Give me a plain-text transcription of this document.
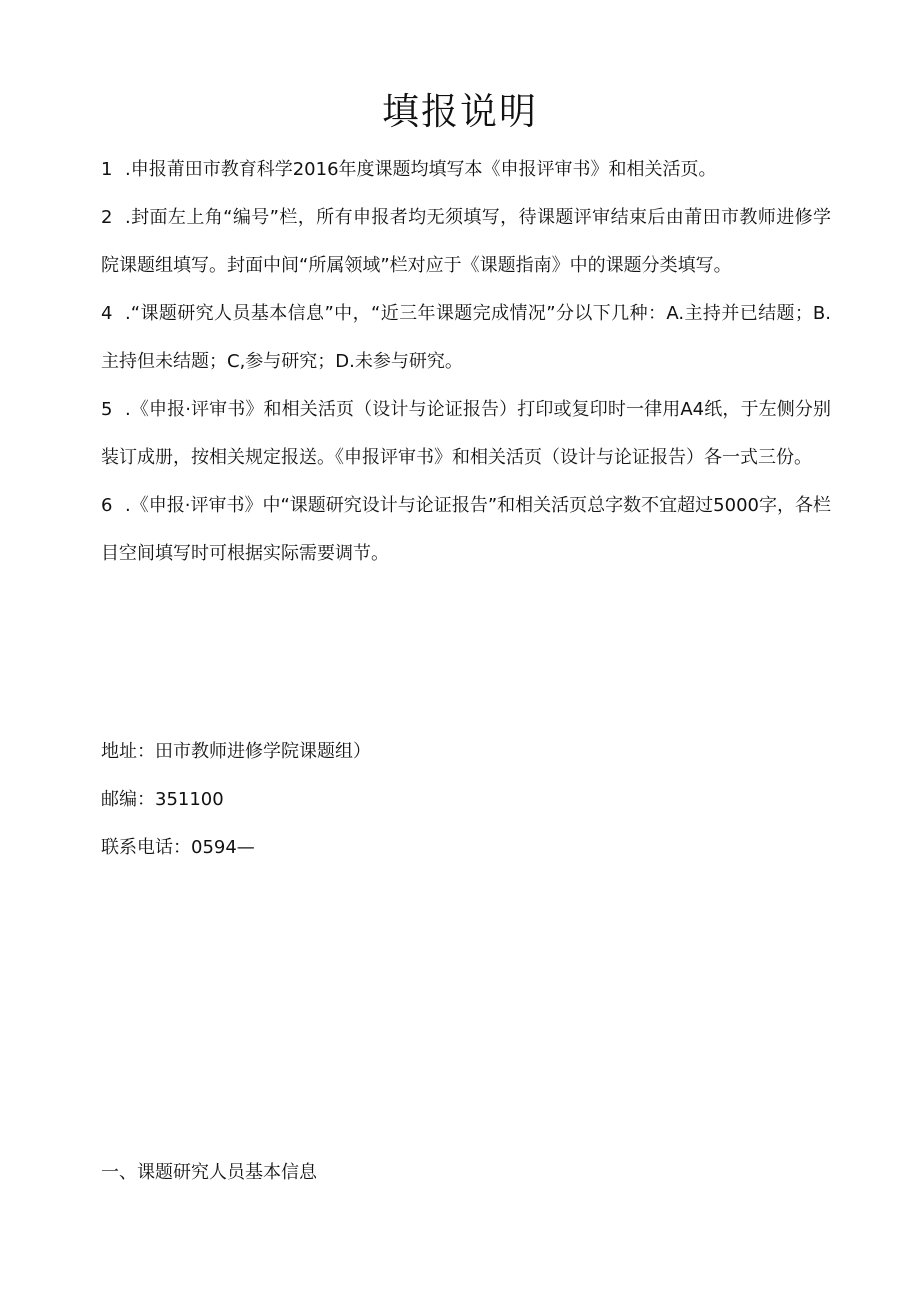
填报说明

1 .申报莆田市教育科学2016年度课题均填写本《申报评审书》和相关活页。

2 .封面左上角“编号”栏，所有申报者均无须填写，待课题评审结束后由莆田市教师进修学院课题组填写。封面中间“所属领域”栏对应于《课题指南》中的课题分类填写。

4 .“课题研究人员基本信息”中，“近三年课题完成情况”分以下几种：A.主持并已结题；B.主持但未结题；C,参与研究；D.未参与研究。

5 .《申报·评审书》和相关活页（设计与论证报告）打印或复印时一律用A4纸，于左侧分别装订成册，按相关规定报送。《申报评审书》和相关活页（设计与论证报告）各一式三份。

6 .《申报·评审书》中“课题研究设计与论证报告”和相关活页总字数不宜超过5000字，各栏目空间填写时可根据实际需要调节。

地址：田市教师进修学院课题组）

邮编：351100

联系电话：0594—

一、课题研究人员基本信息
